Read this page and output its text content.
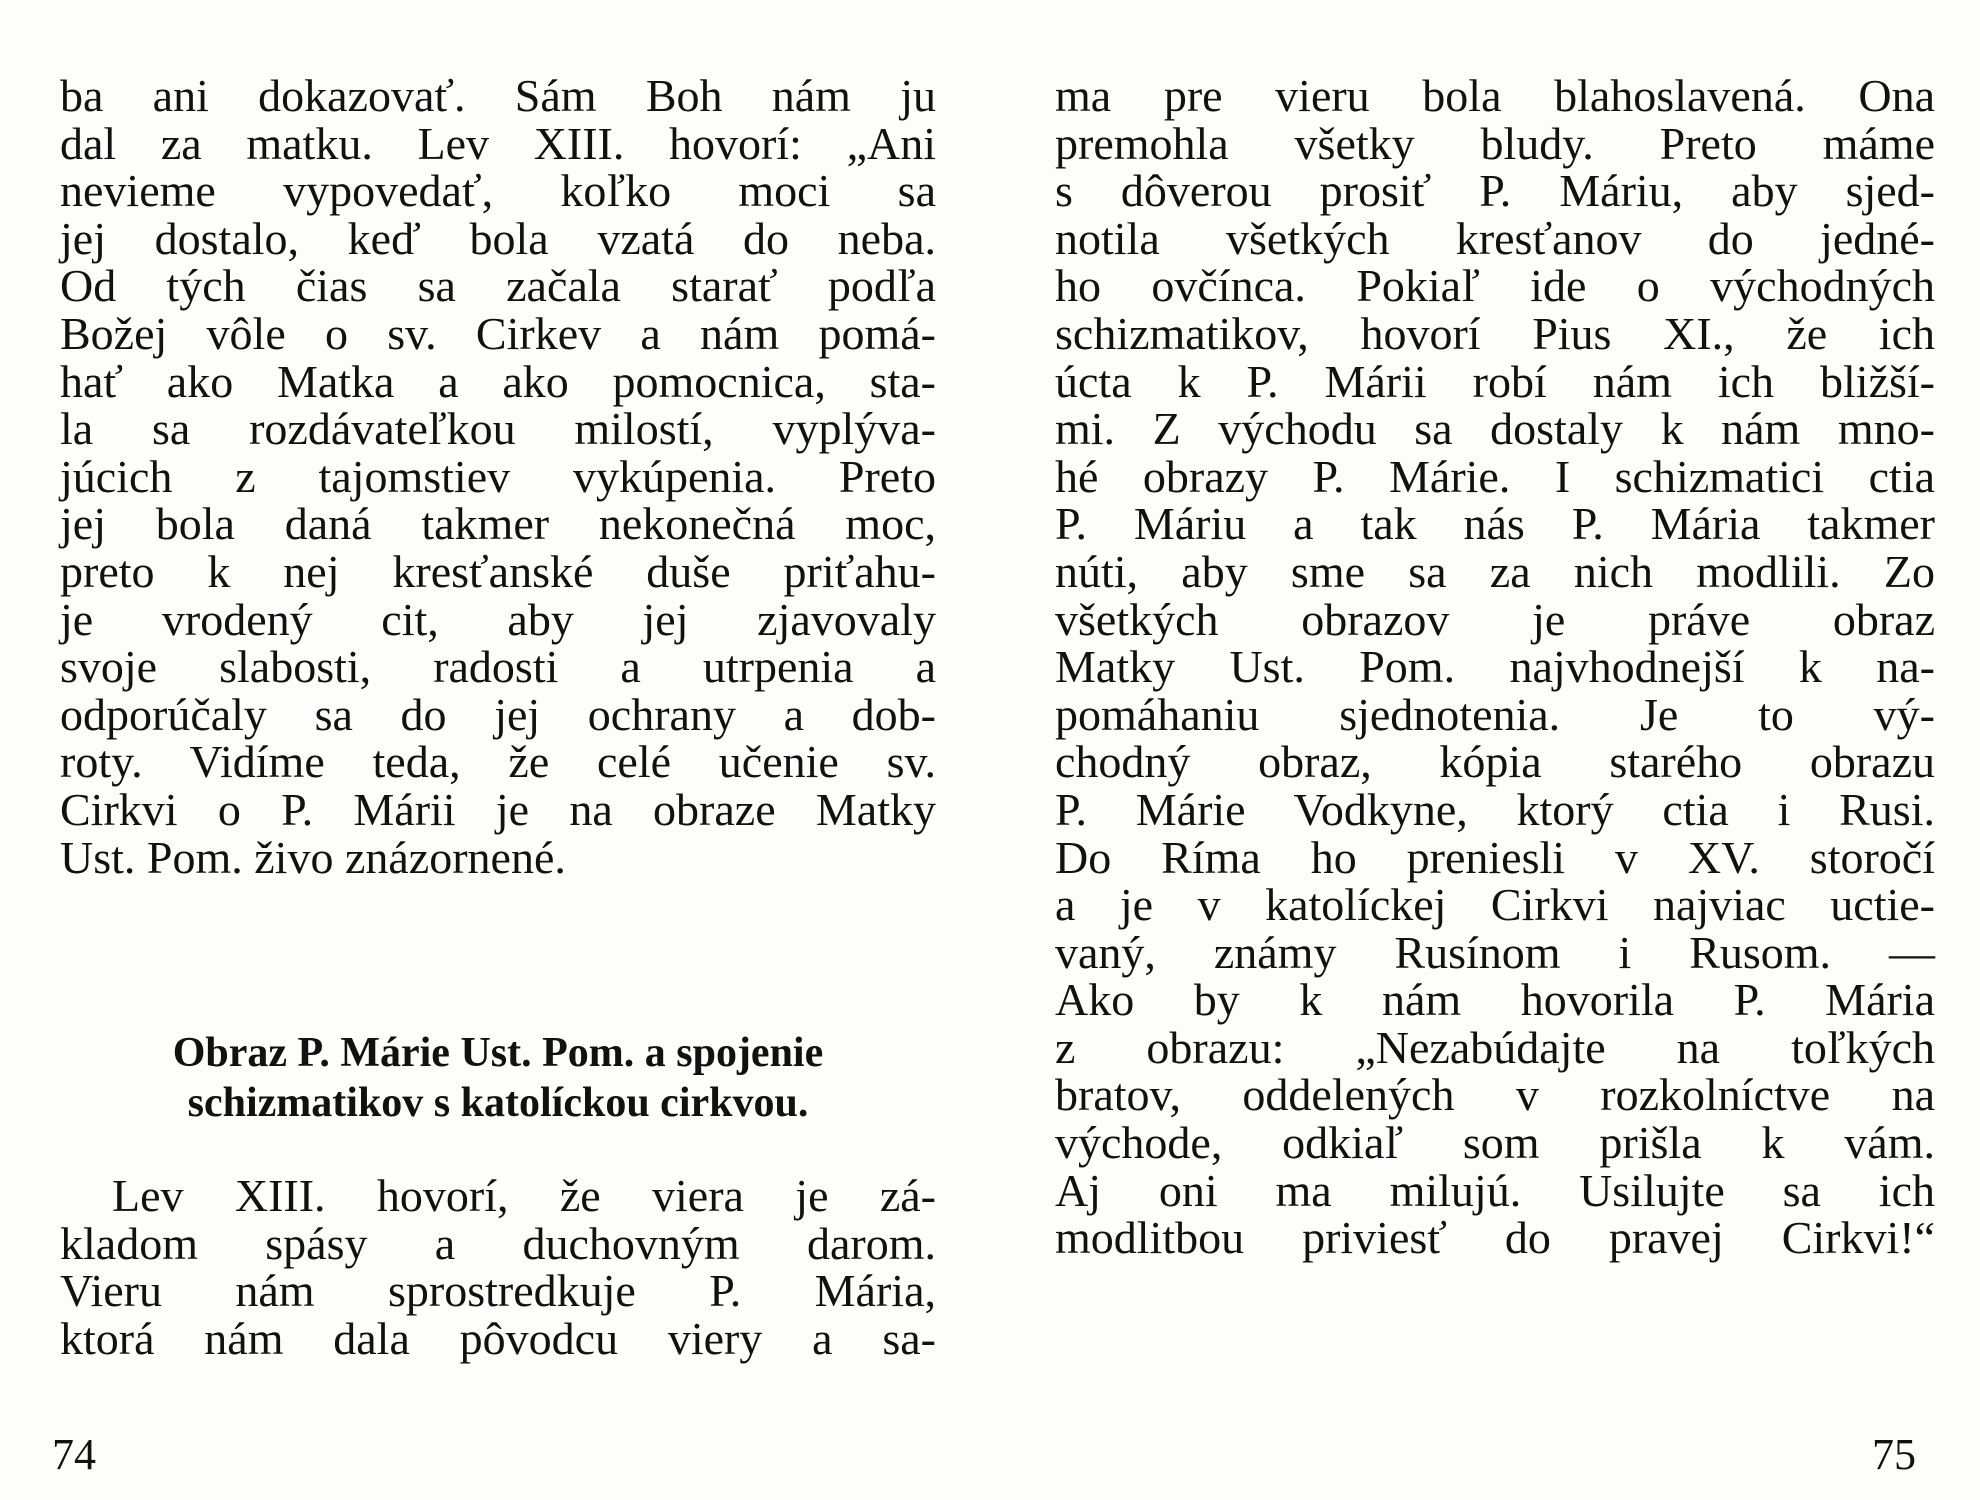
ba ani dokazovať. Sám Boh nám ju
dal za matku. Lev XIII. hovorí: „Ani
nevieme vypovedať, koľko moci sa
jej dostalo, keď bola vzatá do neba.
Od tých čias sa začala starať podľa
Božej vôle o sv. Cirkev a nám pomá-
hať ako Matka a ako pomocnica, sta-
la sa rozdávateľkou milostí, vyplýva-
júcich z tajomstiev vykúpenia. Preto
jej bola daná takmer nekonečná moc,
preto k nej kresťanské duše priťahu-
je vrodený cit, aby jej zjavovaly
svoje slabosti, radosti a utrpenia a
odporúčaly sa do jej ochrany a dob-
roty. Vidíme teda, že celé učenie sv.
Cirkvi o P. Márii je na obraze Matky
Ust. Pom. živo znázornené.
Obraz P. Márie Ust. Pom. a spojenie
schizmatikov s katolíckou cirkvou.
Lev XIII. hovorí, že viera je zá-
kladom spásy a duchovným darom.
Vieru nám sprostredkuje P. Mária,
ktorá nám dala pôvodcu viery a sa-
74
ma pre vieru bola blahoslavená. Ona
premohla všetky bludy. Preto máme
s dôverou prosiť P. Máriu, aby sjed-
notila všetkých kresťanov do jedné-
ho ovčínca. Pokiaľ ide o východných
schizmatikov, hovorí Pius XI., že ich
úcta k P. Márii robí nám ich bližší-
mi. Z východu sa dostaly k nám mno-
hé obrazy P. Márie. I schizmatici ctia
P. Máriu a tak nás P. Mária takmer
núti, aby sme sa za nich modlili. Zo
všetkých obrazov je práve obraz
Matky Ust. Pom. najvhodnejší k na-
pomáhaniu sjednotenia. Je to vý-
chodný obraz, kópia starého obrazu
P. Márie Vodkyne, ktorý ctia i Rusi.
Do Ríma ho preniesli v XV. storočí
a je v katolíckej Cirkvi najviac uctie-
vaný, známy Rusínom i Rusom. —
Ako by k nám hovorila P. Mária
z obrazu: „Nezabúdajte na toľkých
bratov, oddelených v rozkolníctve na
východe, odkiaľ som prišla k vám.
Aj oni ma milujú. Usilujte sa ich
modlitbou priviesť do pravej Cirkvi!“
75
